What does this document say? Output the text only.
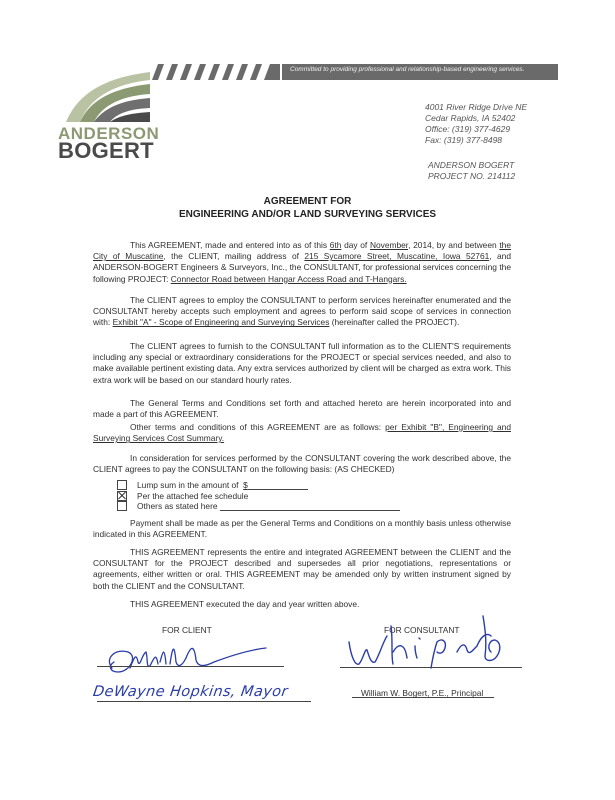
ANDERSON
BOGERT
Committed to providing professional and relationship-based engineering services.
4001 River Ridge Drive NE
Cedar Rapids, IA 52402
Office: (319) 377-4629
Fax: (319) 377-8498
ANDERSON BOGERT
PROJECT NO. 214112
AGREEMENT FOR
ENGINEERING AND/OR LAND SURVEYING SERVICES
This AGREEMENT, made and entered into as of this 6th day of November, 2014, by and between the City of Muscatine, the CLIENT, mailing address of 215 Sycamore Street, Muscatine, Iowa 52761, and ANDERSON-BOGERT Engineers & Surveyors, Inc., the CONSULTANT, for professional services concerning the following PROJECT: Connector Road between Hangar Access Road and T-Hangars.
The CLIENT agrees to employ the CONSULTANT to perform services hereinafter enumerated and the CONSULTANT hereby accepts such employment and agrees to perform said scope of services in connection with: Exhibit "A" - Scope of Engineering and Surveying Services (hereinafter called the PROJECT).
The CLIENT agrees to furnish to the CONSULTANT full information as to the CLIENT'S requirements including any special or extraordinary considerations for the PROJECT or special services needed, and also to make available pertinent existing data. Any extra services authorized by client will be charged as extra work. This extra work will be based on our standard hourly rates.
The General Terms and Conditions set forth and attached hereto are herein incorporated into and made a part of this AGREEMENT.
Other terms and conditions of this AGREEMENT are as follows: per Exhibit "B", Engineering and Surveying Services Cost Summary.
In consideration for services performed by the CONSULTANT covering the work described above, the CLIENT agrees to pay the CONSULTANT on the following basis: (AS CHECKED)
Lump sum in the amount of
$
Per the attached fee schedule
Others as stated here

Payment shall be made as per the General Terms and Conditions on a monthly basis unless otherwise indicated in this AGREEMENT.
THIS AGREEMENT represents the entire and integrated AGREEMENT between the CLIENT and the CONSULTANT for the PROJECT described and supersedes all prior negotiations, representations or agreements, either written or oral. THIS AGREEMENT may be amended only by written instrument signed by both the CLIENT and the CONSULTANT.
THIS AGREEMENT executed the day and year written above.
FOR CLIENT	FOR CONSULTANT
DeWayne Hopkins, Mayor	William W. Bogert, P.E., Principal
